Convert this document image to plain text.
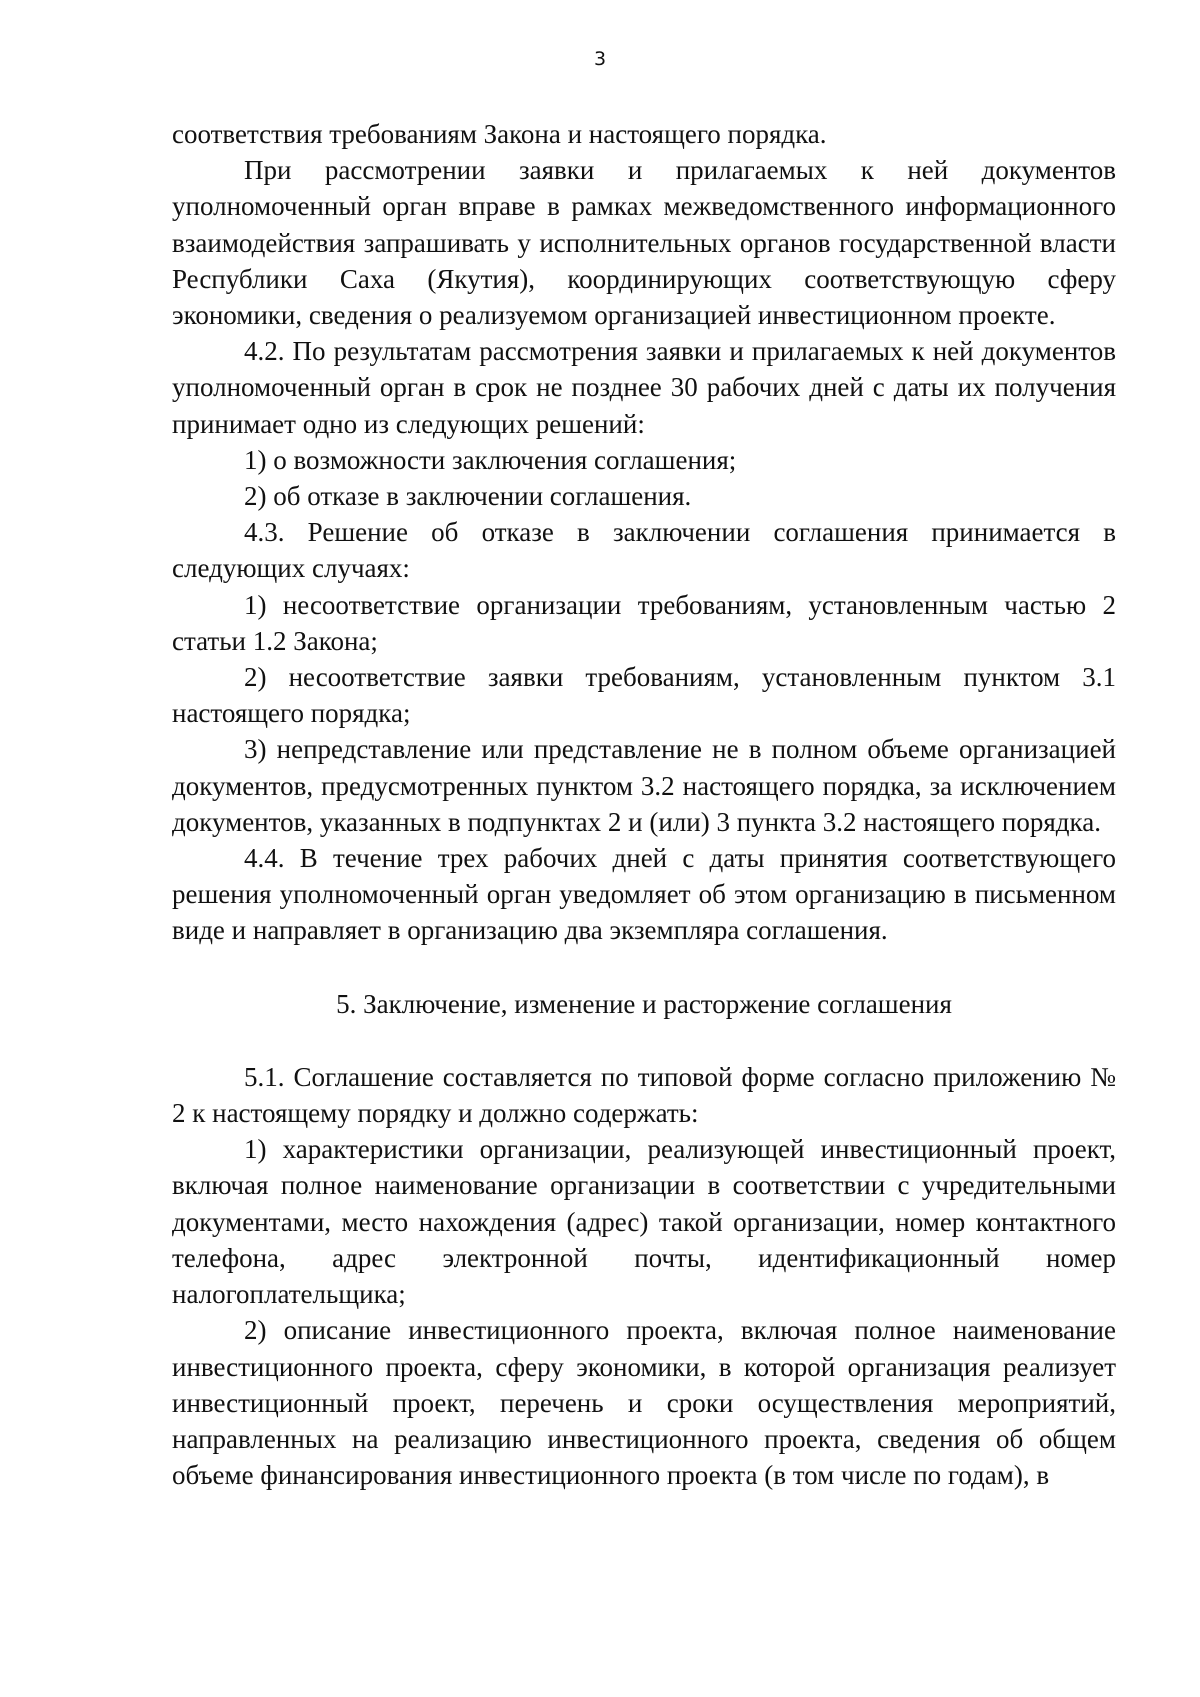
3

соответствия требованиям Закона и настоящего порядка.

При рассмотрении заявки и прилагаемых к ней документов уполномоченный орган вправе в рамках межведомственного информационного взаимодействия запрашивать у исполнительных органов государственной власти Республики Саха (Якутия), координирующих соответствующую сферу экономики, сведения о реализуемом организацией инвестиционном проекте.

4.2. По результатам рассмотрения заявки и прилагаемых к ней документов уполномоченный орган в срок не позднее 30 рабочих дней с даты их получения принимает одно из следующих решений:

1) о возможности заключения соглашения;

2) об отказе в заключении соглашения.

4.3. Решение об отказе в заключении соглашения принимается в следующих случаях:

1) несоответствие организации требованиям, установленным частью 2 статьи 1.2 Закона;

2) несоответствие заявки требованиям, установленным пунктом 3.1 настоящего порядка;

3) непредставление или представление не в полном объеме организацией документов, предусмотренных пунктом 3.2 настоящего порядка, за исключением документов, указанных в подпунктах 2 и (или) 3 пункта 3.2 настоящего порядка.

4.4. В течение трех рабочих дней с даты принятия соответствующего решения уполномоченный орган уведомляет об этом организацию в письменном виде и направляет в организацию два экземпляра соглашения.

5. Заключение, изменение и расторжение соглашения

5.1. Соглашение составляется по типовой форме согласно приложению № 2 к настоящему порядку и должно содержать:

1) характеристики организации, реализующей инвестиционный проект, включая полное наименование организации в соответствии с учредительными документами, место нахождения (адрес) такой организации, номер контактного телефона, адрес электронной почты, идентификационный номер налогоплательщика;

2) описание инвестиционного проекта, включая полное наименование инвестиционного проекта, сферу экономики, в которой организация реализует инвестиционный проект, перечень и сроки осуществления мероприятий, направленных на реализацию инвестиционного проекта, сведения об общем объеме финансирования инвестиционного проекта (в том числе по годам), в
